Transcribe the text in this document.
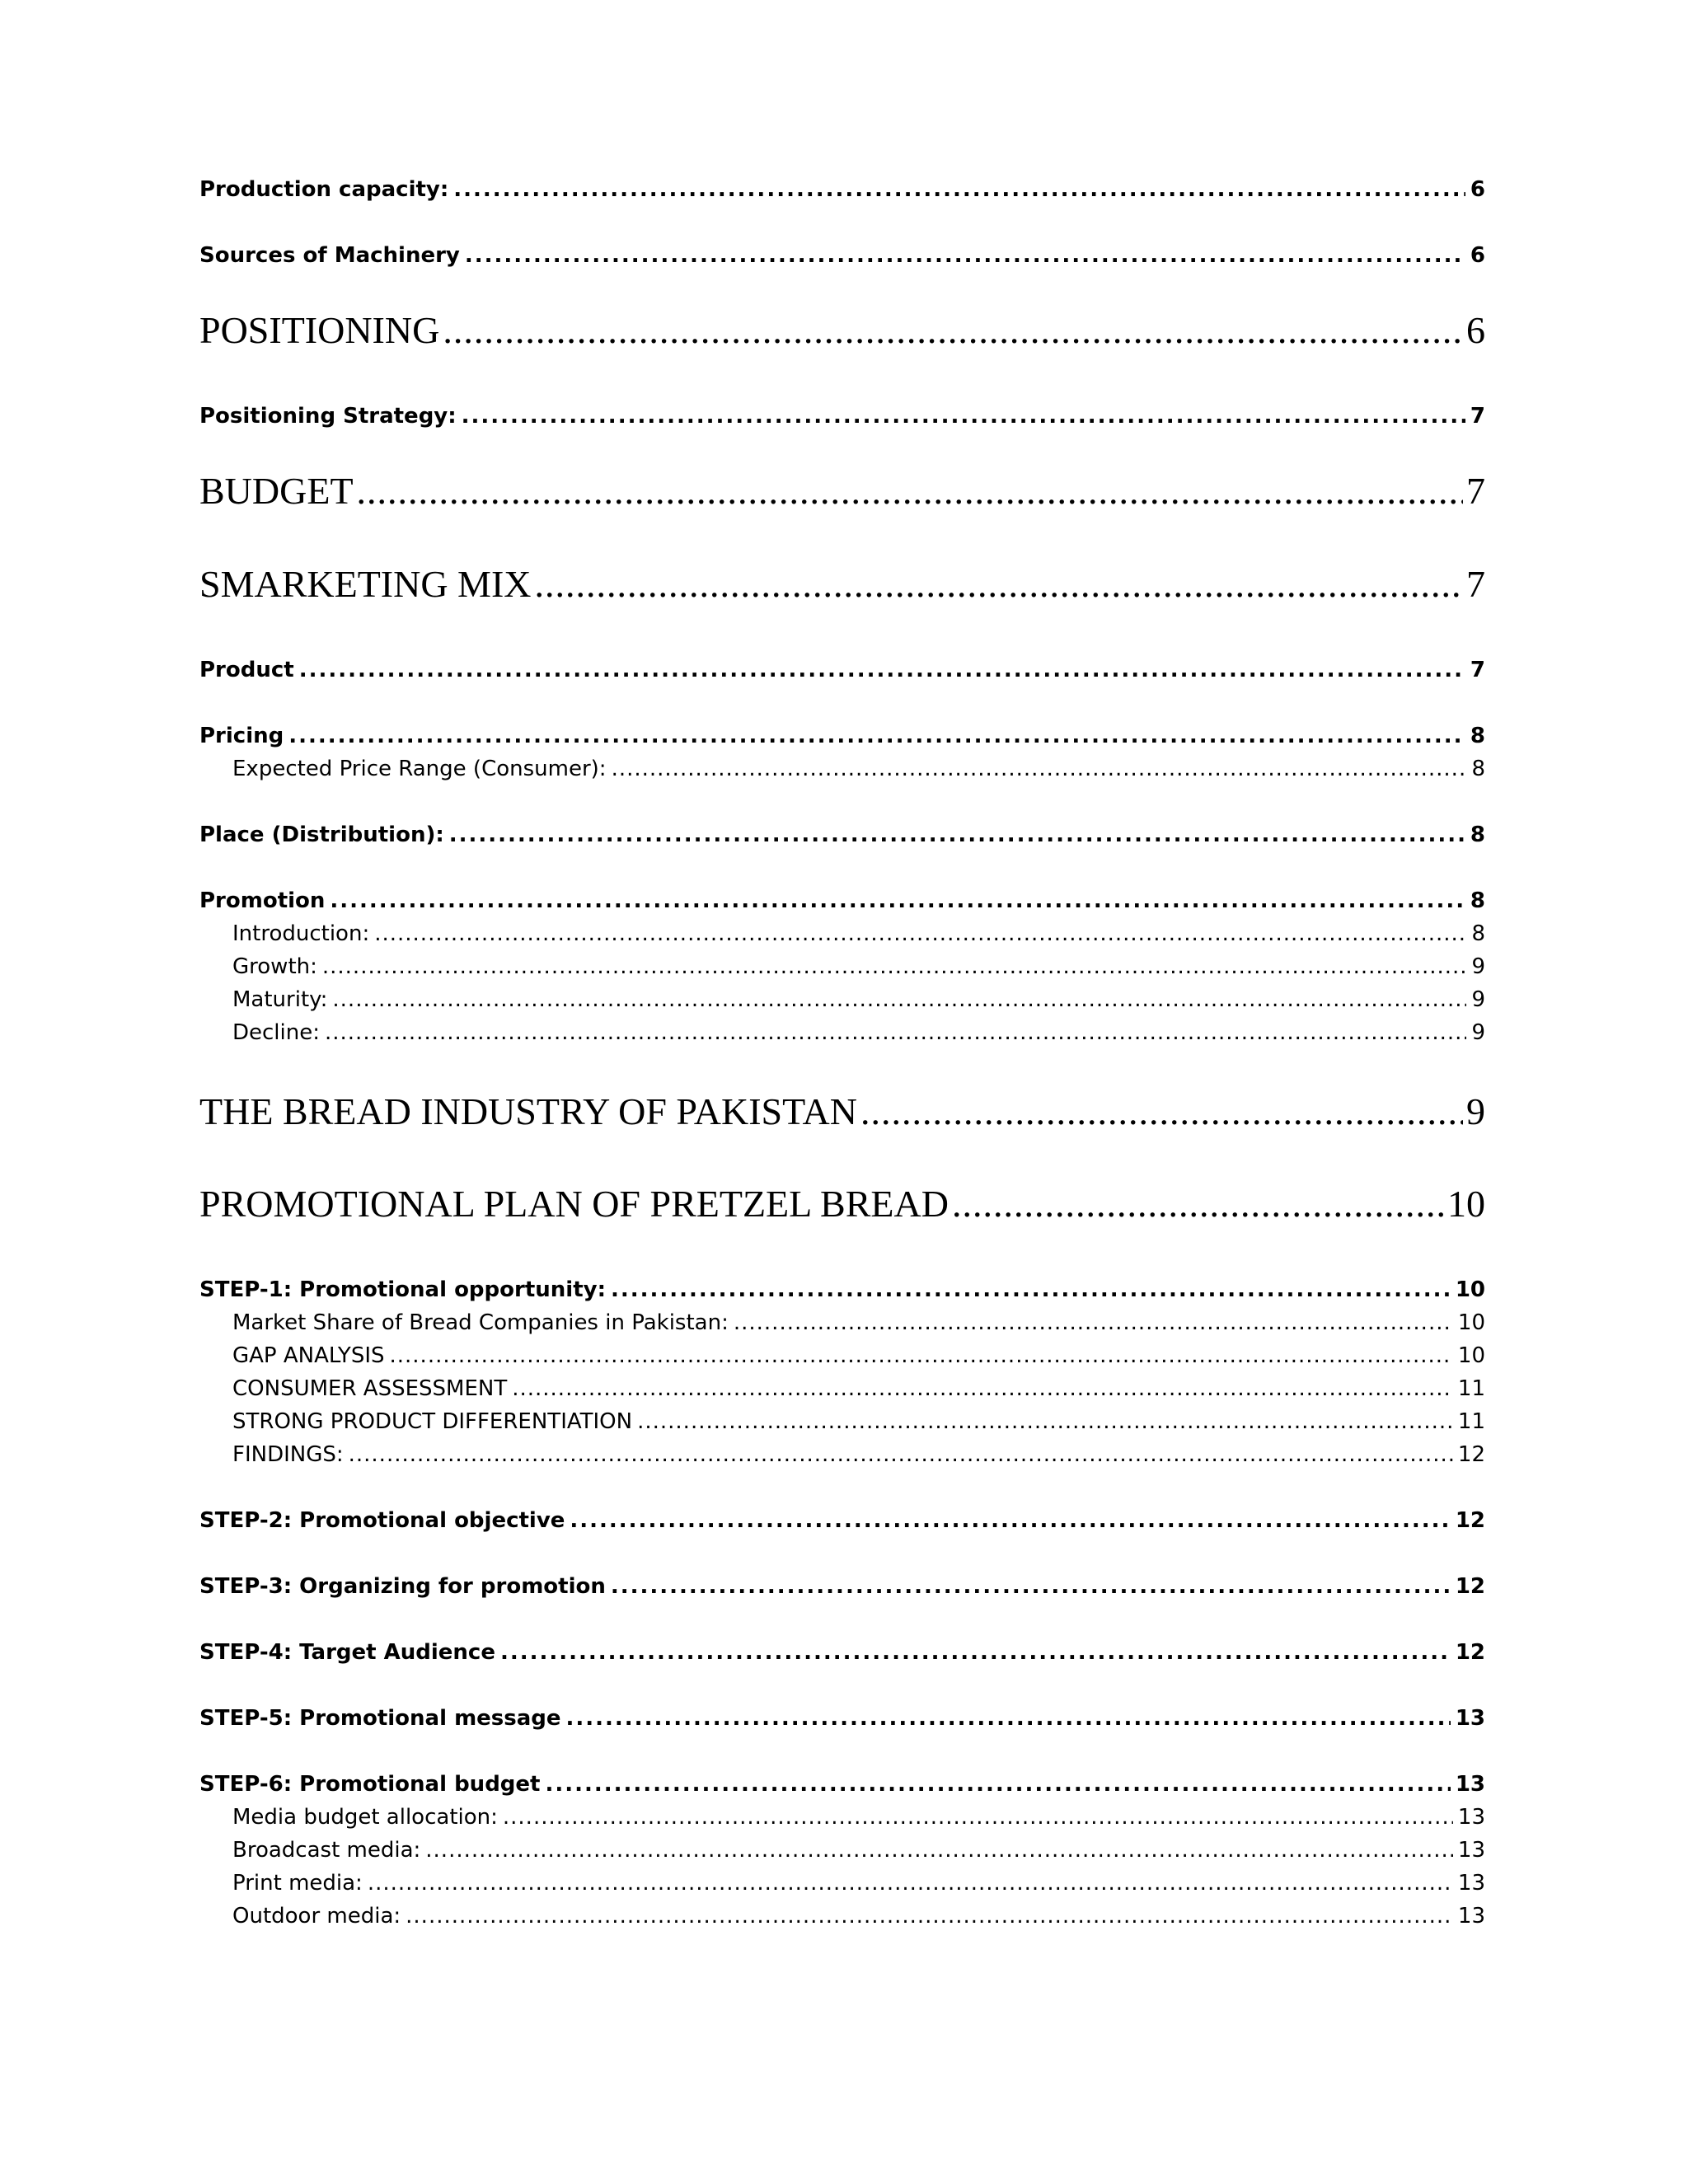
Production capacity: .....	6
Sources of Machinery .....	6
POSITIONING .....	6
Positioning Strategy: .....	7
BUDGET .....	7
SMARKETING MIX .....	7
Product .....	7
Pricing .....	8
Expected Price Range (Consumer): .....	8
Place (Distribution): .....	8
Promotion .....	8
Introduction: .....	8
Growth: .....	9
Maturity: .....	9
Decline: .....	9
THE BREAD INDUSTRY OF PAKISTAN .....	9
PROMOTIONAL PLAN OF PRETZEL BREAD .....	10
STEP-1: Promotional opportunity: .....	10
Market Share of Bread Companies in Pakistan: .....	10
GAP ANALYSIS .....	10
CONSUMER ASSESSMENT .....	11
STRONG PRODUCT DIFFERENTIATION .....	11
FINDINGS: .....	12
STEP-2: Promotional objective .....	12
STEP-3: Organizing for promotion .....	12
STEP-4: Target Audience .....	12
STEP-5: Promotional message .....	13
STEP-6: Promotional budget .....	13
Media budget allocation: .....	13
Broadcast media: .....	13
Print media: .....	13
Outdoor media: .....	13
